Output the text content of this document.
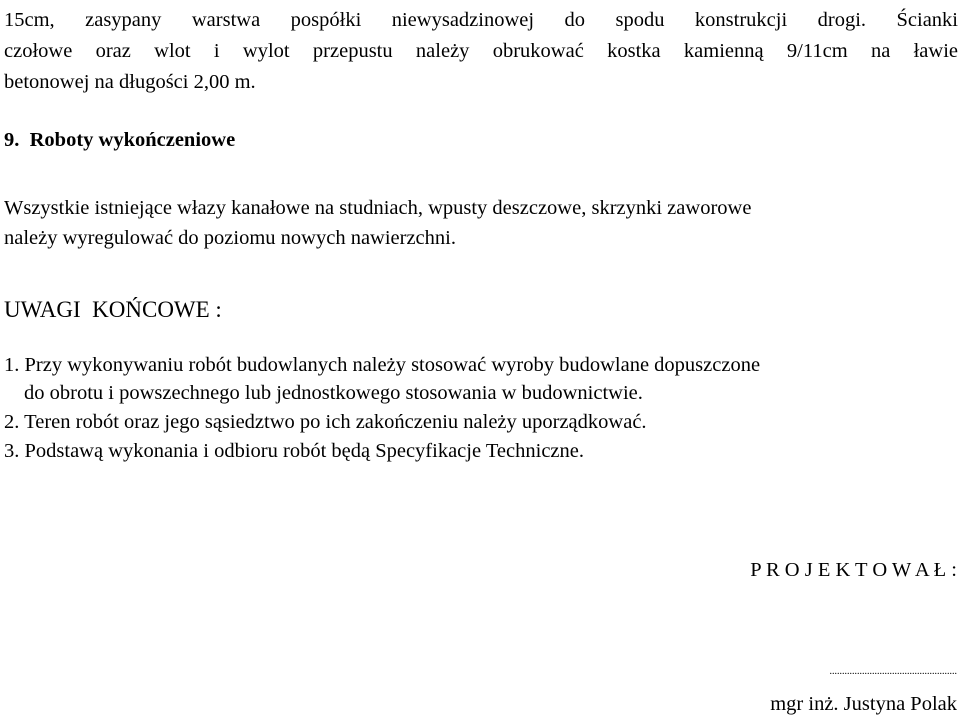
15cm, zasypany warstwa pospółki niewysadzinowej do spodu konstrukcji drogi. Ścianki
czołowe oraz wlot i wylot przepustu należy obrukować kostka kamienną 9/11cm na ławie
betonowej na długości 2,00 m.
9.  Roboty wykończeniowe
Wszystkie istniejące włazy kanałowe na studniach, wpusty deszczowe, skrzynki zaworowe
należy wyregulować do poziomu nowych nawierzchni.
UWAGI  KOŃCOWE :
1. Przy wykonywaniu robót budowlanych należy stosować wyroby budowlane dopuszczone
do obrotu i powszechnego lub jednostkowego stosowania w budownictwie.
2. Teren robót oraz jego sąsiedztwo po ich zakończeniu należy uporządkować.
3. Podstawą wykonania i odbioru robót będą Specyfikacje Techniczne.
P R O J E K T O W A Ł :
...................................................
mgr inż. Justyna Polak
